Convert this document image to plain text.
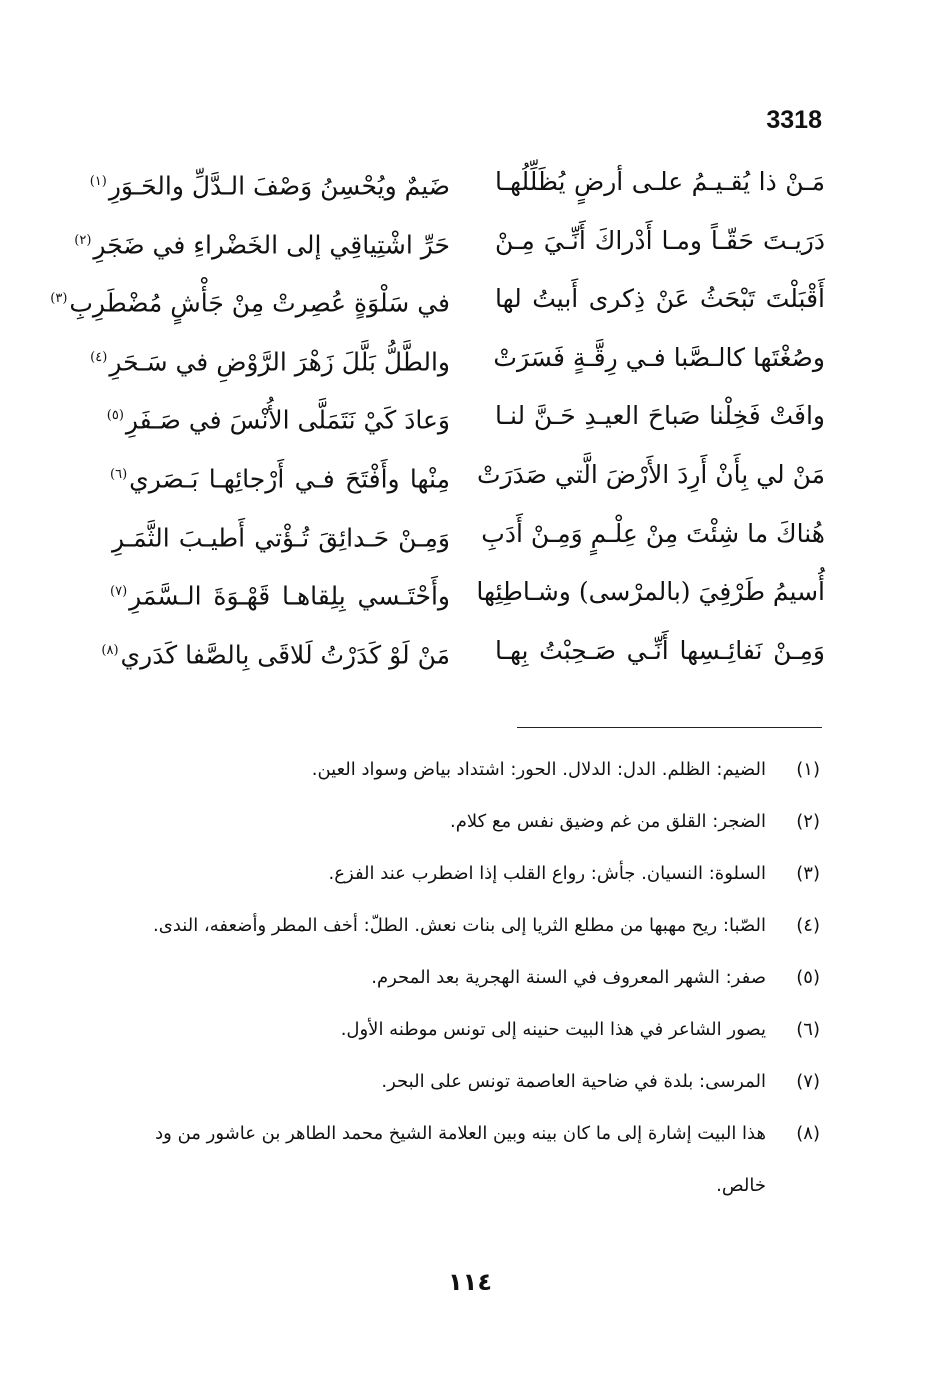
3318
مَـنْ ذا يُقـيـمُ علـى أرضٍ يُظَلِّلُهـا
ضَيمٌ ويُحْسِنُ وَصْفَ الـدَّلِّ والحَـوَرِ$^{(١)}$
دَرَيـتَ حَقّـاً ومـا أَدْراكَ أَنِّـيَ مِـنْ
حَرِّ اشْتِياقِي إلى الخَضْراءِ في ضَجَرِ$^{(٢)}$
أَقْبَلْتَ تَبْحَثُ عَنْ ذِكرى أَبيتُ لها
في سَلْوَةٍ عُصِرتْ مِنْ جَأْشٍ مُضْطَرِبِ$^{(٣)}$
وصُغْتَها كالـصَّبا فـي رِقَّـةٍ فَسَرَتْ
والطَّلُّ بَلَّلَ زَهْرَ الرَّوْضِ في سَـحَرِ$^{(٤)}$
وافَتْ فَخِلْنا صَباحَ العيـدِ حَـنَّ لنـا
وَعادَ كَيْ نَتَمَلَّى الأُنْسَ في صَـفَرِ$^{(٥)}$
مَنْ لي بِأَنْ أَرِدَ الأَرْضَ الَّتي صَدَرَتْ
مِنْها وأَفْتَحَ فـي أَرْجائِهـا بَـصَري$^{(٦)}$
هُناكَ ما شِئْتَ مِنْ عِلْـمٍ وَمِـنْ أَدَبِ
وَمِـنْ حَـدائِقَ تُـؤْتي أَطيـبَ الثَّمَـرِ
أُسيمُ طَرْفِيَ (بالمرْسى) وشـاطِئِها
وأَحْتَـسي بِلِقاهـا قَهْـوَةَ الـسَّمَرِ$^{(٧)}$
وَمِـنْ نَفائِـسِها أَنِّـي صَـحِبْتُ بِهـا
مَنْ لَوْ كَدَرْتُ لَلاقَى بِالصَّفا كَدَري$^{(٨)}$
(١)
الضيم: الظلم. الدل: الدلال. الحور: اشتداد بياض وسواد العين.
(٢)
الضجر: القلق من غم وضيق نفس مع كلام.
(٣)
السلوة: النسيان. جأش: رواع القلب إذا اضطرب عند الفزع.
(٤)
الصّبا: ريح مهبها من مطلع الثريا إلى بنات نعش. الطلّ: أخف المطر وأضعفه، الندى.
(٥)
صفر: الشهر المعروف في السنة الهجرية بعد المحرم.
(٦)
يصور الشاعر في هذا البيت حنينه إلى تونس موطنه الأول.
(٧)
المرسى: بلدة في ضاحية العاصمة تونس على البحر.
(٨)
هذا البيت إشارة إلى ما كان بينه وبين العلامة الشيخ محمد الطاهر بن عاشور من ود خالص.
١١٤
